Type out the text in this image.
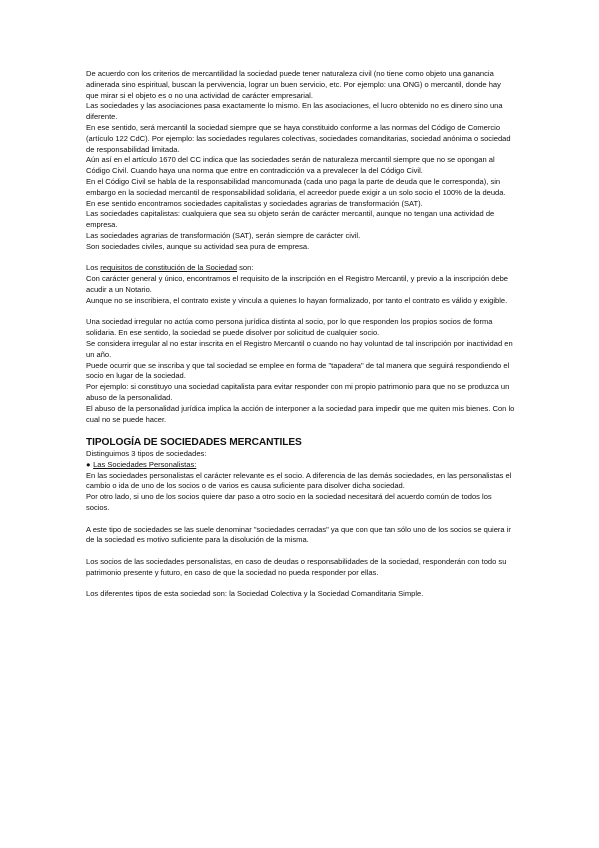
De acuerdo con los criterios de mercantilidad la sociedad puede tener naturaleza civil (no tiene como objeto una ganancia adinerada sino espiritual, buscan la pervivencia, lograr un buen servicio, etc. Por ejemplo: una ONG) o mercantil, donde hay que mirar si el objeto es o no una actividad de carácter empresarial.

Las sociedades y las asociaciones pasa exactamente lo mismo. En las asociaciones, el lucro obtenido no es dinero sino una diferente.

En ese sentido, será mercantil la sociedad siempre que se haya constituido conforme a las normas del Código de Comercio (artículo 122 CdC). Por ejemplo: las sociedades regulares colectivas, sociedades comanditarias, sociedad anónima o sociedad de responsabilidad limitada.

Aún así en el artículo 1670 del CC indica que las sociedades serán de naturaleza mercantil siempre que no se opongan al Código Civil. Cuando haya una norma que entre en contradicción va a prevalecer la del Código Civil.

En el Código Civil se habla de la responsabilidad mancomunada (cada uno paga la parte de deuda que le corresponda), sin embargo en la sociedad mercantil de responsabilidad solidaria, el acreedor puede exigir a un solo socio el 100% de la deuda.

En ese sentido encontramos sociedades capitalistas y sociedades agrarias de transformación (SAT).

Las sociedades capitalistas: cualquiera que sea su objeto serán de carácter mercantil, aunque no tengan una actividad de empresa.

Las sociedades agrarias de transformación (SAT), serán siempre de carácter civil.

Son sociedades civiles, aunque su actividad sea pura de empresa.

Los requisitos de constitución de la Sociedad son:

Con carácter general y único, encontramos el requisito de la inscripción en el Registro Mercantil, y previo a la inscripción debe acudir a un Notario.

Aunque no se inscribiera, el contrato existe y vincula a quienes lo hayan formalizado, por tanto el contrato es válido y exigible.

Una sociedad irregular no actúa como persona jurídica distinta al socio, por lo que responden los propios socios de forma solidaria. En ese sentido, la sociedad se puede disolver por solicitud de cualquier socio.

Se considera irregular al no estar inscrita en el Registro Mercantil o cuando no hay voluntad de tal inscripción por inactividad en un año.

Puede ocurrir que se inscriba y que tal sociedad se emplee en forma de "tapadera" de tal manera que seguirá respondiendo el socio en lugar de la sociedad.

Por ejemplo: si constituyo una sociedad capitalista para evitar responder con mi propio patrimonio para que no se produzca un abuso de la personalidad.

El abuso de la personalidad jurídica implica la acción de interponer a la sociedad para impedir que me quiten mis bienes. Con lo cual no se puede hacer.

TIPOLOGÍA DE SOCIEDADES MERCANTILES

Distinguimos 3 tipos de sociedades:

● Las Sociedades Personalistas:

En las sociedades personalistas el carácter relevante es el socio. A diferencia de las demás sociedades, en las personalistas el cambio o ida de uno de los socios o de varios es causa suficiente para disolver dicha sociedad.

Por otro lado, si uno de los socios quiere dar paso a otro socio en la sociedad necesitará del acuerdo común de todos los socios.

A este tipo de sociedades se las suele denominar "sociedades cerradas" ya que con que tan sólo uno de los socios se quiera ir de la sociedad es motivo suficiente para la disolución de la misma.

Los socios de las sociedades personalistas, en caso de deudas o responsabilidades de la sociedad, responderán con todo su patrimonio presente y futuro, en caso de que la sociedad no pueda responder por ellas.

Los diferentes tipos de esta sociedad son: la Sociedad Colectiva y la Sociedad Comanditaria Simple.
